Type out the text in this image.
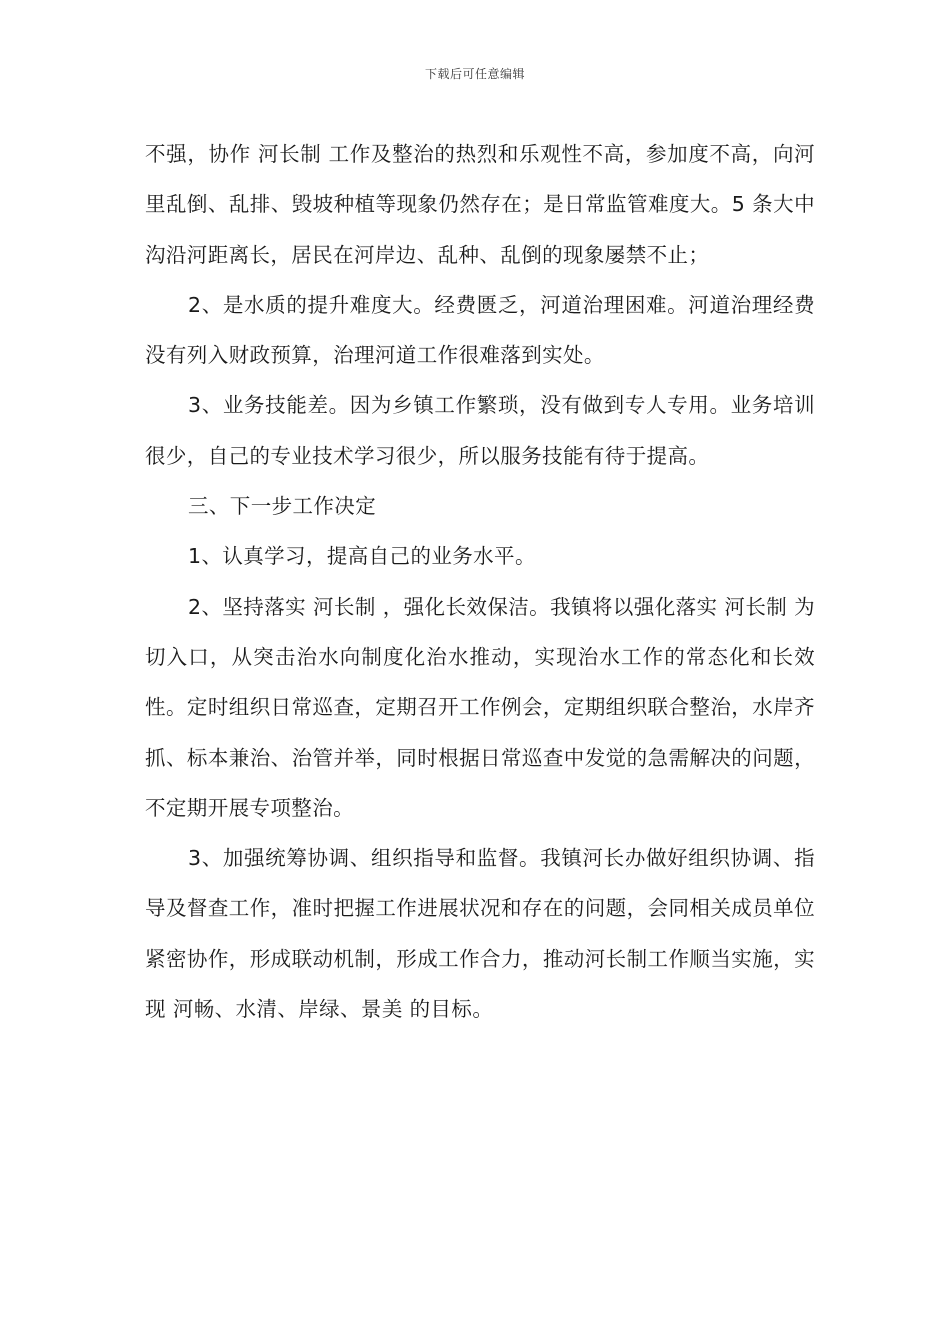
下载后可任意编辑

不强，协作 河长制 工作及整治的热烈和乐观性不高，参加度不高，向河里乱倒、乱排、毁坡种植等现象仍然存在；是日常监管难度大。5 条大中沟沿河距离长，居民在河岸边、乱种、乱倒的现象屡禁不止；

2、是水质的提升难度大。经费匮乏，河道治理困难。河道治理经费没有列入财政预算，治理河道工作很难落到实处。

3、业务技能差。因为乡镇工作繁琐，没有做到专人专用。业务培训很少，自己的专业技术学习很少，所以服务技能有待于提高。

三、下一步工作决定

1、认真学习，提高自己的业务水平。

2、坚持落实 河长制 ，强化长效保洁。我镇将以强化落实 河长制 为切入口，从突击治水向制度化治水推动，实现治水工作的常态化和长效性。定时组织日常巡查，定期召开工作例会，定期组织联合整治，水岸齐抓、标本兼治、治管并举，同时根据日常巡查中发觉的急需解决的问题，不定期开展专项整治。

3、加强统筹协调、组织指导和监督。我镇河长办做好组织协调、指导及督查工作，准时把握工作进展状况和存在的问题，会同相关成员单位紧密协作，形成联动机制，形成工作合力，推动河长制工作顺当实施，实现 河畅、水清、岸绿、景美 的目标。
